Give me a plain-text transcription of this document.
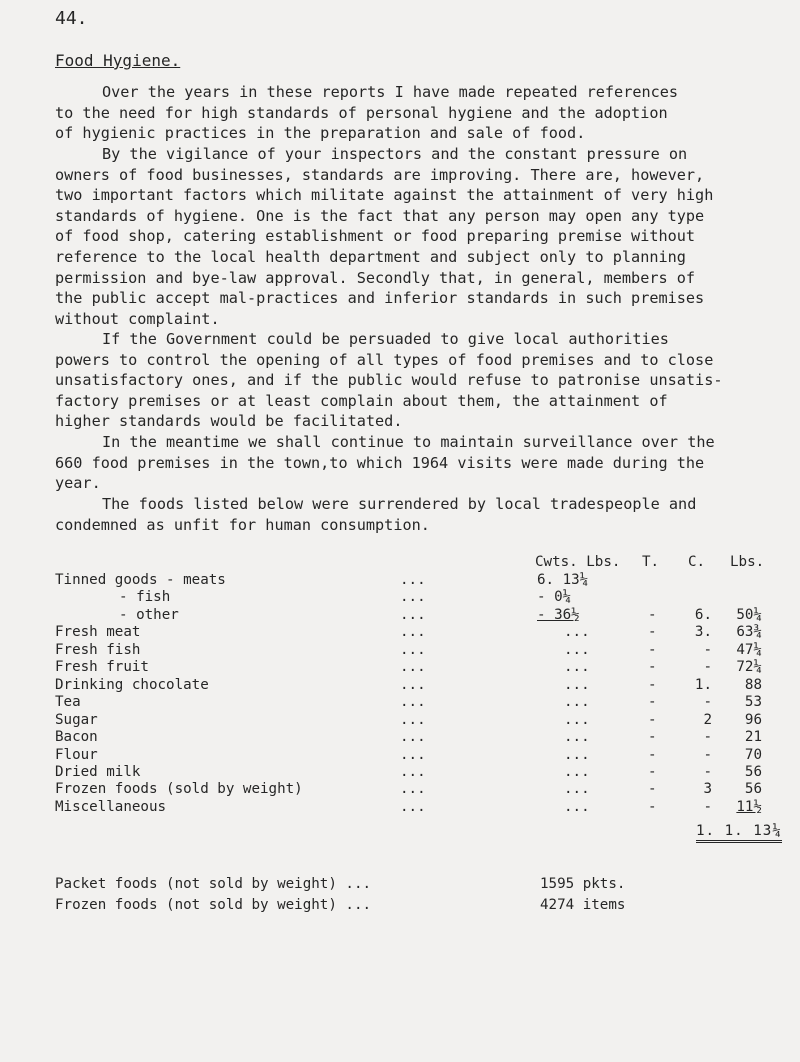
44.
Food Hygiene.
Over the years in these reports I have made repeated references
to the need for high standards of personal hygiene and the adoption
of hygienic practices in the preparation and sale of food.
By the vigilance of your inspectors and the constant pressure on
owners of food businesses, standards are improving. There are, however,
two important factors which militate against the attainment of very high
standards of hygiene. One is the fact that any person may open any type
of food shop, catering establishment or food preparing premise without
reference to the local health department and subject only to planning
permission and bye-law approval. Secondly that, in general, members of
the public accept mal-practices and inferior standards in such premises
without complaint.
If the Government could be persuaded to give local authorities
powers to control the opening of all types of food premises and to close
unsatisfactory ones, and if the public would refuse to patronise unsatis-
factory premises or at least complain about them, the attainment of
higher standards would be facilitated.
In the meantime we shall continue to maintain surveillance over the
660 food premises in the town,to which 1964 visits were made during the
year.
The foods listed below were surrendered by local tradespeople and
condemned as unfit for human consumption.
Cwts. Lbs. T. C. Lbs.
Tinned goods - meats	...	6. 13¼
- fish	...	- 0¼
- other	...	- 36½	-	6.	50¼
Fresh meat	...	...	-	3.	63¾
Fresh fish	...	...	-	-	47¼
Fresh fruit	...	...	-	-	72¼
Drinking chocolate	...	...	-	1.	88
Tea	...	...	-	-	53
Sugar	...	...	-	2	96
Bacon	...	...	-	-	21
Flour	...	...	-	-	70
Dried milk	...	...	-	-	56
Frozen foods (sold by weight)	...	...	-	3	56
Miscellaneous	...	...	-	-	11½
1. 1. 13¼
Packet foods (not sold by weight) ...	1595 pkts.
Frozen foods (not sold by weight) ...	4274 items
